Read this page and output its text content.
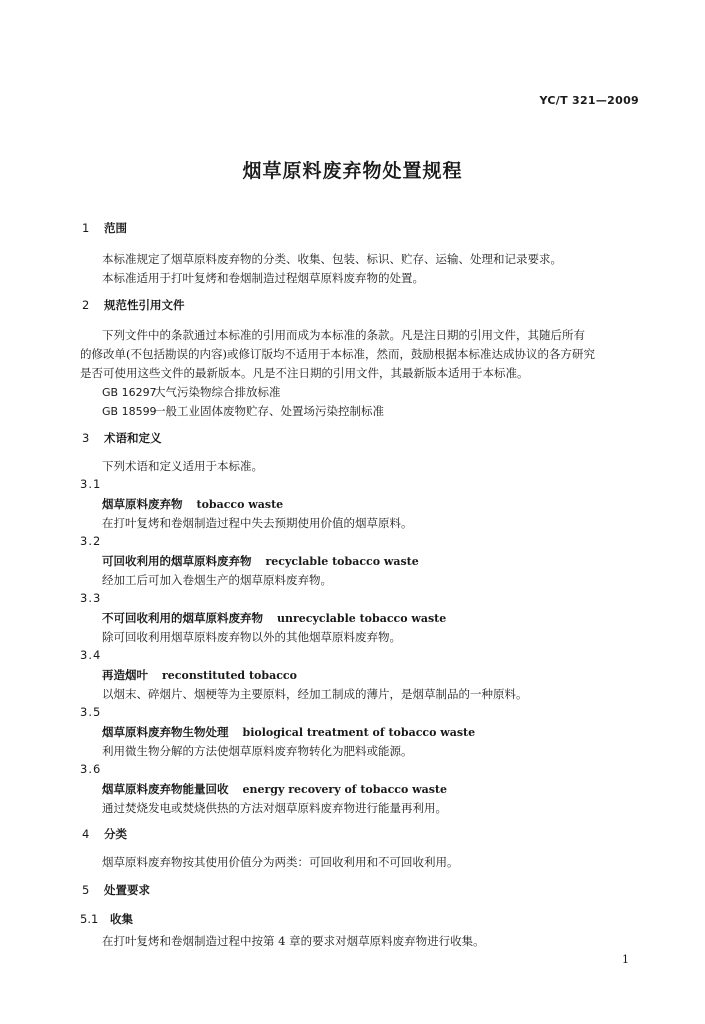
YC/T 321—2009
烟草原料废弃物处置规程
1 范围
本标准规定了烟草原料废弃物的分类、收集、包装、标识、贮存、运输、处理和记录要求。
本标准适用于打叶复烤和卷烟制造过程烟草原料废弃物的处置。
2 规范性引用文件
下列文件中的条款通过本标准的引用而成为本标准的条款。凡是注日期的引用文件，其随后所有
的修改单(不包括勘误的内容)或修订版均不适用于本标准，然而，鼓励根据本标准达成协议的各方研究
是否可使用这些文件的最新版本。凡是不注日期的引用文件，其最新版本适用于本标准。
GB 16297大气污染物综合排放标准
GB 18599一般工业固体废物贮存、处置场污染控制标准
3 术语和定义
下列术语和定义适用于本标准。
3.1
烟草原料废弃物 tobacco waste
在打叶复烤和卷烟制造过程中失去预期使用价值的烟草原料。
3.2
可回收利用的烟草原料废弃物 recyclable tobacco waste
经加工后可加入卷烟生产的烟草原料废弃物。
3.3
不可回收利用的烟草原料废弃物 unrecyclable tobacco waste
除可回收利用烟草原料废弃物以外的其他烟草原料废弃物。
3.4
再造烟叶 reconstituted tobacco
以烟末、碎烟片、烟梗等为主要原料，经加工制成的薄片，是烟草制品的一种原料。
3.5
烟草原料废弃物生物处理 biological treatment of tobacco waste
利用微生物分解的方法使烟草原料废弃物转化为肥料或能源。
3.6
烟草原料废弃物能量回收 energy recovery of tobacco waste
通过焚烧发电或焚烧供热的方法对烟草原料废弃物进行能量再利用。
4 分类
烟草原料废弃物按其使用价值分为两类：可回收利用和不可回收利用。
5 处置要求
5.1 收集
在打叶复烤和卷烟制造过程中按第 4 章的要求对烟草原料废弃物进行收集。
1
